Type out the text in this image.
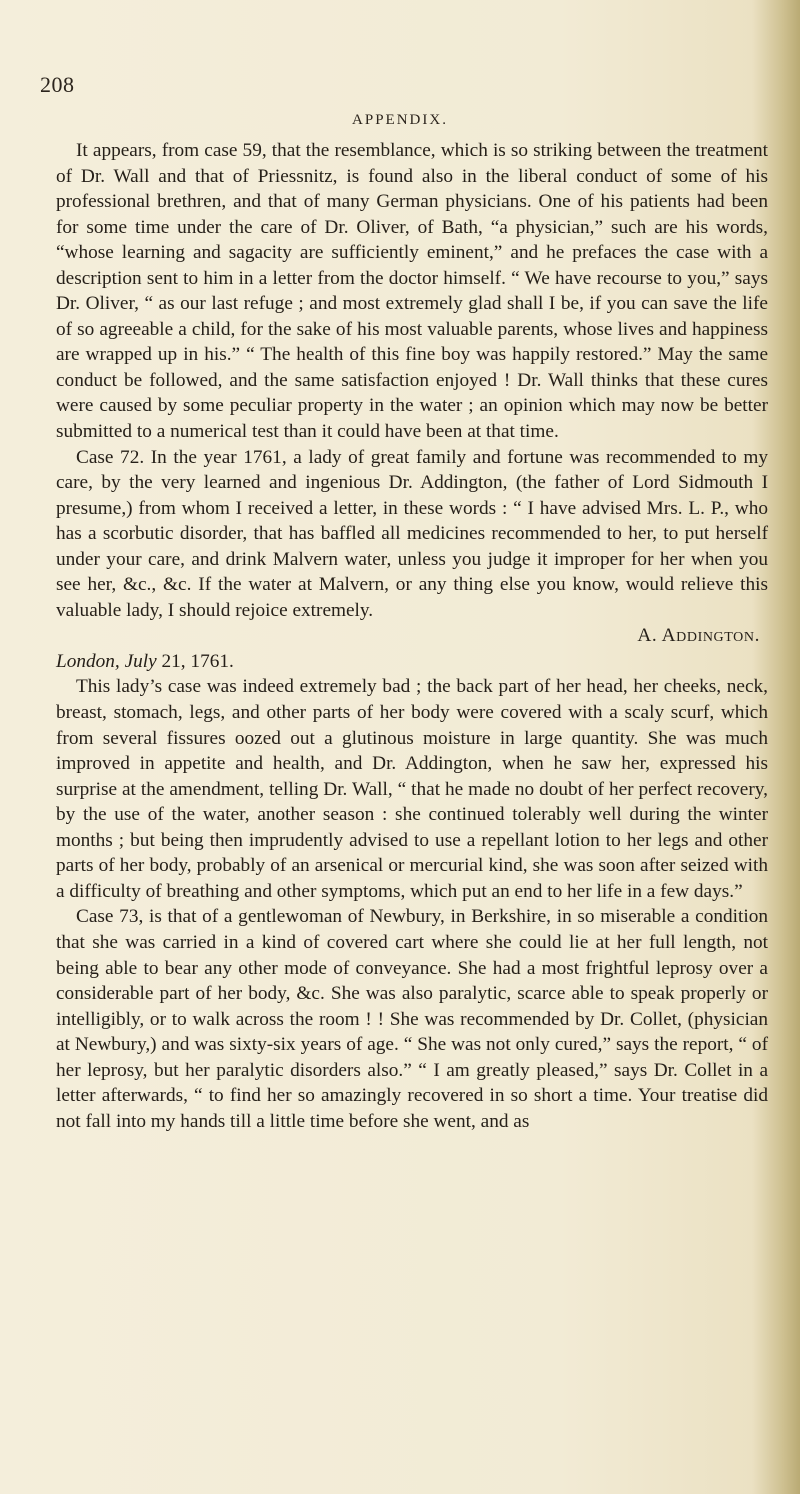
208
APPENDIX.

It appears, from case 59, that the resemblance, which is so striking between the treatment of Dr. Wall and that of Priessnitz, is found also in the liberal conduct of some of his professional brethren, and that of many German physicians. One of his patients had been for some time under the care of Dr. Oliver, of Bath, “a physician,” such are his words, “whose learning and sagacity are sufficiently eminent,” and he prefaces the case with a description sent to him in a letter from the doctor himself. “ We have recourse to you,” says Dr. Oliver, “ as our last refuge ; and most extremely glad shall I be, if you can save the life of so agreeable a child, for the sake of his most valuable parents, whose lives and happiness are wrapped up in his.” “ The health of this fine boy was happily restored.” May the same conduct be followed, and the same satisfaction enjoyed ! Dr. Wall thinks that these cures were caused by some peculiar property in the water ; an opinion which may now be better submitted to a numerical test than it could have been at that time.

Case 72. In the year 1761, a lady of great family and fortune was recommended to my care, by the very learned and ingenious Dr. Addington, (the father of Lord Sidmouth I presume,) from whom I received a letter, in these words : “ I have advised Mrs. L. P., who has a scorbutic disorder, that has baffled all medicines recommended to her, to put herself under your care, and drink Malvern water, unless you judge it improper for her when you see her, &c., &c. If the water at Malvern, or any thing else you know, would relieve this valuable lady, I should rejoice extremely.

A. Addington.

London, July 21, 1761.

This lady’s case was indeed extremely bad ; the back part of her head, her cheeks, neck, breast, stomach, legs, and other parts of her body were covered with a scaly scurf, which from several fissures oozed out a glutinous moisture in large quantity. She was much improved in appetite and health, and Dr. Addington, when he saw her, expressed his surprise at the amendment, telling Dr. Wall, “ that he made no doubt of her perfect recovery, by the use of the water, another season : she continued tolerably well during the winter months ; but being then imprudently advised to use a repellant lotion to her legs and other parts of her body, probably of an arsenical or mercurial kind, she was soon after seized with a difficulty of breathing and other symptoms, which put an end to her life in a few days.”

Case 73, is that of a gentlewoman of Newbury, in Berkshire, in so miserable a condition that she was carried in a kind of covered cart where she could lie at her full length, not being able to bear any other mode of conveyance. She had a most frightful leprosy over a considerable part of her body, &c. She was also paralytic, scarce able to speak properly or intelligibly, or to walk across the room ! ! She was recommended by Dr. Collet, (physician at Newbury,) and was sixty-six years of age. “ She was not only cured,” says the report, “ of her leprosy, but her paralytic disorders also.” “ I am greatly pleased,” says Dr. Collet in a letter afterwards, “ to find her so amazingly recovered in so short a time. Your treatise did not fall into my hands till a little time before she went, and as
